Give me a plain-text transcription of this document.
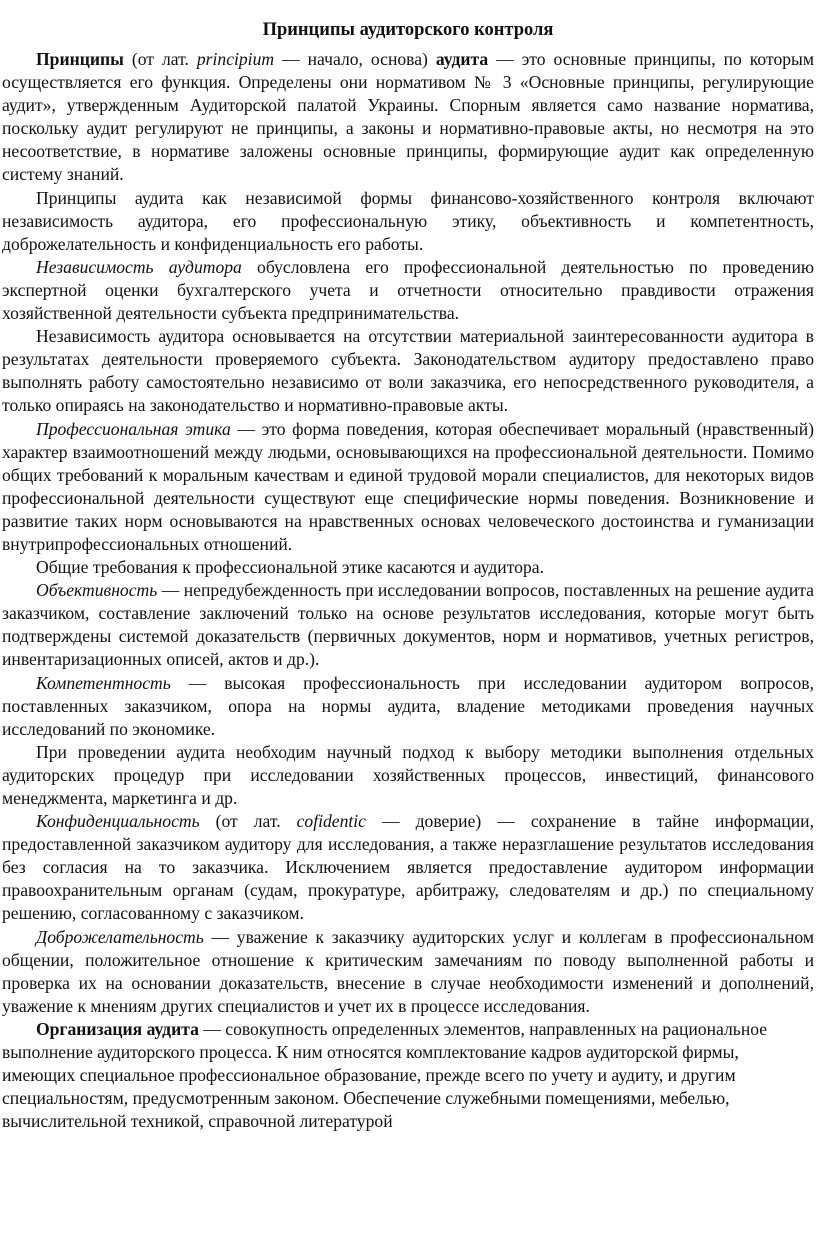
Принципы аудиторского контроля

Принципы (от лат. principium — начало, основа) аудита — это основные принципы, по которым осуществляется его функция. Определены они нормативом № 3 «Основные принципы, регулирующие аудит», утвержденным Аудиторской палатой Украины. Спорным является само название норматива, поскольку аудит регулируют не принципы, а законы и нормативно-правовые акты, но несмотря на это несоответствие, в нормативе заложены основные принципы, формирующие аудит как определенную систему знаний.

Принципы аудита как независимой формы финансово-хозяйственного контроля включают независимость аудитора, его профессиональную этику, объективность и компетентность, доброжелательность и конфиденциальность его работы.

Независимость аудитора обусловлена его профессиональной деятельностью по проведению экспертной оценки бухгалтерского учета и отчетности относительно правдивости отражения хозяйственной деятельности субъекта предпринимательства.

Независимость аудитора основывается на отсутствии материальной заинтересованности аудитора в результатах деятельности проверяемого субъекта. Законодательством аудитору предоставлено право выполнять работу самостоятельно независимо от воли заказчика, его непосредственного руководителя, а только опираясь на законодательство и нормативно-правовые акты.

Профессиональная этика — это форма поведения, которая обеспечивает моральный (нравственный) характер взаимоотношений между людьми, основывающихся на профессиональной деятельности. Помимо общих требований к моральным качествам и единой трудовой морали специалистов, для некоторых видов профессиональной деятельности существуют еще специфические нормы поведения. Возникновение и развитие таких норм основываются на нравственных основах человеческого достоинства и гуманизации внутрипрофессиональных отношений.

Общие требования к профессиональной этике касаются и аудитора.

Объективность — непредубежденность при исследовании вопросов, поставленных на решение аудита заказчиком, составление заключений только на основе результатов исследования, которые могут быть подтверждены системой доказательств (первичных документов, норм и нормативов, учетных регистров, инвентаризационных описей, актов и др.).

Компетентность — высокая профессиональность при исследовании аудитором вопросов, поставленных заказчиком, опора на нормы аудита, владение методиками проведения научных исследований по экономике.

При проведении аудита необходим научный подход к выбору методики выполнения отдельных аудиторских процедур при исследовании хозяйственных процессов, инвестиций, финансового менеджмента, маркетинга и др.

Конфиденциальность (от лат. cofidentic — доверие) — сохранение в тайне информации, предоставленной заказчиком аудитору для исследования, а также неразглашение результатов исследования без согласия на то заказчика. Исключением является предоставление аудитором информации правоохранительным органам (судам, прокуратуре, арбитражу, следователям и др.) по специальному решению, согласованному с заказчиком.

Доброжелательность — уважение к заказчику аудиторских услуг и коллегам в профессиональном общении, положительное отношение к критическим замечаниям по поводу выполненной работы и проверка их на основании доказательств, внесение в случае необходимости изменений и дополнений, уважение к мнениям других специалистов и учет их в процессе исследования.

Организация аудита — совокупность определенных элементов, направленных на рациональное выполнение аудиторского процесса. К ним относятся комплектование кадров аудиторской фирмы, имеющих специальное профессиональное образование, прежде всего по учету и аудиту, и другим специальностям, предусмотренным законом. Обеспечение служебными помещениями, мебелью, вычислительной техникой, справочной литературой
